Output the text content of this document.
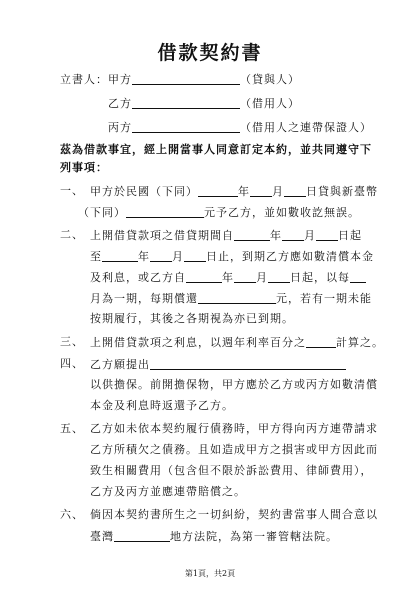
借款契約書
立書人：甲方	（貸與人）
乙方	（借用人）
丙方	（借用人之連帶保證人）
茲為借款事宜，經上開當事人同意訂定本約，並共同遵守下
列事項：
一、 甲方於民國（下同）	年 月 日貸與新臺幣
（下同）	元予乙方，並如數收訖無誤。
二、 上開借貸款項之借貸期間自	年 月 日起
至	年 月 日止，到期乙方應如數清償本金
及利息，或乙方自	年 月 日起，以每
月為一期，每期償還	元，若有一期未能
按期履行，其後之各期視為亦已到期。
三、 上開借貸款項之利息，以週年利率百分之	計算之。
四、 乙方願提出
以供擔保。前開擔保物，甲方應於乙方或丙方如數清償
本金及利息時返還予乙方。
五、 乙方如未依本契約履行債務時，甲方得向丙方連帶請求
乙方所積欠之債務。且如造成甲方之損害或甲方因此而
致生相關費用（包含但不限於訴訟費用、律師費用），
乙方及丙方並應連帶賠償之。
六、 倘因本契約書所生之一切糾紛，契約書當事人間合意以
臺灣	地方法院，為第一審管轄法院。
第1頁，共2頁
